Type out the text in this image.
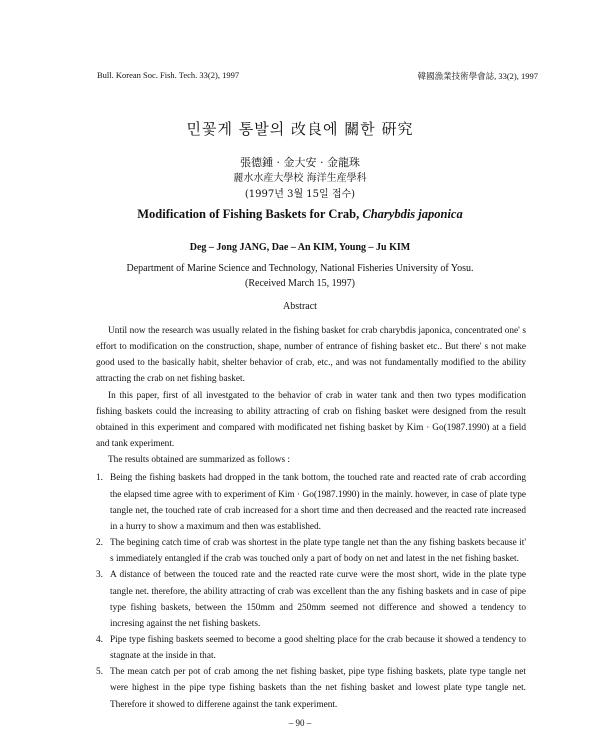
Bull. Korean Soc. Fish. Tech. 33(2), 1997	韓國漁業技術學會誌, 33(2), 1997
민꽃게 통발의 改良에 關한 硏究
張德鍾 · 金大安 · 金龍珠
麗水水産大學校 海洋生産學科
(1997년 3월 15일 접수)
Modification of Fishing Baskets for Crab, Charybdis japonica
Deg – Jong JANG, Dae – An KIM, Young – Ju KIM
Department of Marine Science and Technology, National Fisheries University of Yosu.
(Received March 15, 1997)
Abstract

Until now the research was usually related in the fishing basket for crab charybdis japonica, concentrated one' s effort to modification on the construction, shape, number of entrance of fishing basket etc.. But there' s not make good used to the basically habit, shelter behavior of crab, etc., and was not fundamentally modified to the ability attracting the crab on net fishing basket.

In this paper, first of all investgated to the behavior of crab in water tank and then two types modification fishing baskets could the increasing to ability attracting of crab on fishing basket were designed from the result obtained in this experiment and compared with modificated net fishing basket by Kim · Go(1987.1990) at a field and tank experiment.

The results obtained are summarized as follows :

1. Being the fishing baskets had dropped in the tank bottom, the touched rate and reacted rate of crab according the elapsed time agree with to experiment of Kim · Go(1987.1990) in the mainly. however, in case of plate type tangle net, the touched rate of crab increased for a short time and then decreased and the reacted rate increased in a hurry to show a maximum and then was established.
2. The begining catch time of crab was shortest in the plate type tangle net than the any fishing baskets because it' s immediately entangled if the crab was touched only a part of body on net and latest in the net fishing basket.
3. A distance of between the touced rate and the reacted rate curve were the most short, wide in the plate type tangle net. therefore, the ability attracting of crab was excellent than the any fishing baskets and in case of pipe type fishing baskets, between the 150mm and 250mm seemed not difference and showed a tendency to incresing against the net fishing baskets.
4. Pipe type fishing baskets seemed to become a good shelting place for the crab because it showed a tendency to stagnate at the inside in that.
5. The mean catch per pot of crab among the net fishing basket, pipe type fishing baskets, plate type tangle net were highest in the pipe type fishing baskets than the net fishing basket and lowest plate type tangle net. Therefore it showed to differene against the tank experiment.
– 90 –
